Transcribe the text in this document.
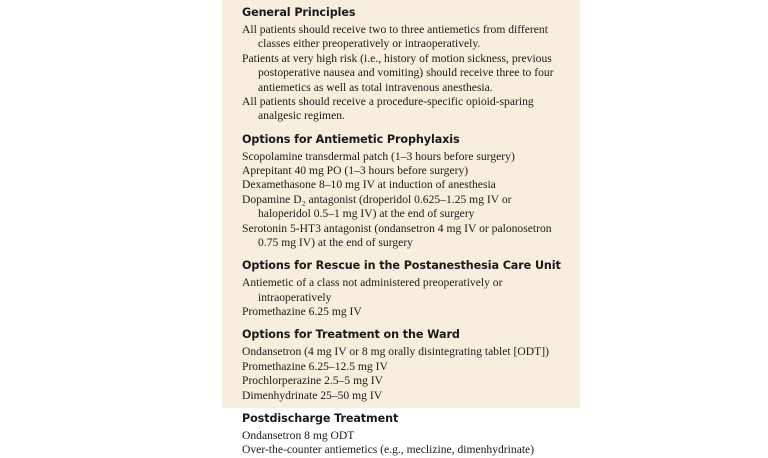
General Principles
All patients should receive two to three antiemetics from different classes either preoperatively or intraoperatively.
Patients at very high risk (i.e., history of motion sickness, previous postoperative nausea and vomiting) should receive three to four antiemetics as well as total intravenous anesthesia.
All patients should receive a procedure-specific opioid-sparing analgesic regimen.
Options for Antiemetic Prophylaxis
Scopolamine transdermal patch (1–3 hours before surgery)
Aprepitant 40 mg PO (1–3 hours before surgery)
Dexamethasone 8–10 mg IV at induction of anesthesia
Dopamine D₂ antagonist (droperidol 0.625–1.25 mg IV or haloperidol 0.5–1 mg IV) at the end of surgery
Serotonin 5-HT3 antagonist (ondansetron 4 mg IV or palonosetron 0.75 mg IV) at the end of surgery
Options for Rescue in the Postanesthesia Care Unit
Antiemetic of a class not administered preoperatively or intraoperatively
Promethazine 6.25 mg IV
Options for Treatment on the Ward
Ondansetron (4 mg IV or 8 mg orally disintegrating tablet [ODT])
Promethazine 6.25–12.5 mg IV
Prochlorperazine 2.5–5 mg IV
Dimenhydrinate 25–50 mg IV
Postdischarge Treatment
Ondansetron 8 mg ODT
Over-the-counter antiemetics (e.g., meclizine, dimenhydrinate)
